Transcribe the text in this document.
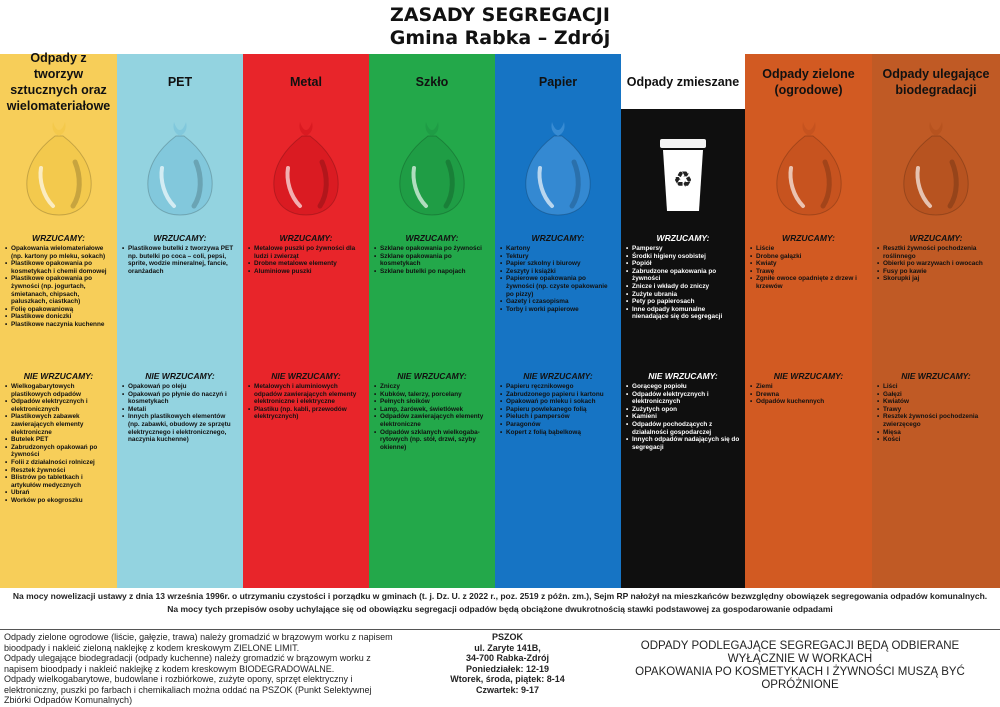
ZASADY SEGREGACJI
Gmina Rabka – Zdrój
Odpady z tworzyw sztucznych oraz wielomateriałowe
WRZUCAMY:
• Opakowania wielomateriałowe (np. kartony po mleku, sokach)
• Plastikowe opakowania po kosmetykach i chemii domowej
• Plastikowe opakowania po żywności (np. jogurtach, śmietanach, chipsach, paluszkach, ciastkach)
• Folię opakowaniową
• Plastikowe doniczki
• Plastikowe naczynia kuchenne
NIE WRZUCAMY:
• Wielkogabarytowych plastikowych odpadów
• Odpadów elektrycznych i elektronicznych
• Plastikowych zabawek zawierających elementy elektroniczne
• Butelek PET
• Zabrudzonych opakowań po żywności
• Folii z działalności rolniczej
• Resztek żywności
• Blistrów po tabletkach i artykułów medycznych
• Ubrań
• Worków po ekogroszku
PET
WRZUCAMY:
• Plastikowe butelki z tworzywa PET np. butelki po coca – coli, pepsi, sprite, wodzie mineralnej, fancie, oranżadach
NIE WRZUCAMY:
• Opakowań po oleju
• Opakowań po płynie do naczyń i kosmetykach
• Metali
• Innych plastikowych elementów (np. zabawki, obudowy ze sprzętu elektrycznego i elektronicznego, naczynia kuchenne)
Metal
WRZUCAMY:
• Metalowe puszki po żywności dla ludzi i zwierząt
• Drobne metalowe elementy
• Aluminiowe puszki
NIE WRZUCAMY:
• Metalowych i aluminiowych odpadów zawierających elementy elektroniczne i elektryczne
• Plastiku (np. kabli, przewodów elektrycznych)
Szkło
WRZUCAMY:
• Szklane opakowania po żywności
• Szklane opakowania po kosmetykach
• Szklane butelki po napojach
NIE WRZUCAMY:
• Zniczy
• Kubków, talerzy, porcelany
• Pełnych słoików
• Lamp, żarówek, świetlówek
• Odpadów zawierających elementy elektroniczne
• Odpadów szklanych wielkogaba-rytowych (np. stół, drzwi, szyby okienne)
Papier
WRZUCAMY:
• Kartony
• Tektury
• Papier szkolny i biurowy
• Zeszyty i książki
• Papierowe opakowania po żywności (np. czyste opakowanie po pizzy)
• Gazety i czasopisma
• Torby i worki papierowe
NIE WRZUCAMY:
• Papieru ręcznikowego
• Zabrudzonego papieru i kartonu
• Opakowań po mleku i sokach
• Papieru powlekanego folią
• Pieluch i pampersów
• Paragonów
• Kopert z folią bąbelkową
Odpady zmieszane
♻
WRZUCAMY:
• Pampersy
• Środki higieny osobistej
• Popiół
• Zabrudzone opakowania po żywności
• Znicze i wkłady do zniczy
• Zużyte ubrania
• Pety po papierosach
• Inne odpady komunalne nienadające się do segregacji
NIE WRZUCAMY:
• Gorącego popiołu
• Odpadów elektrycznych i elektronicznych
• Zużytych opon
• Kamieni
• Odpadów pochodzących z działalności gospodarczej
• Innych odpadów nadających się do segregacji
Odpady zielone (ogrodowe)
WRZUCAMY:
• Liście
• Drobne gałązki
• Kwiaty
• Trawę
• Zgniłe owoce opadnięte z drzew i krzewów
NIE WRZUCAMY:
• Ziemi
• Drewna
• Odpadów kuchennych
Odpady ulegające biodegradacji
WRZUCAMY:
• Resztki żywności pochodzenia roślinnego
• Obierki po warzywach i owocach
• Fusy po kawie
• Skorupki jaj
NIE WRZUCAMY:
• Liści
• Gałęzi
• Kwiatów
• Trawy
• Resztek żywności pochodzenia zwierzęcego
• Mięsa
• Kości
Na mocy nowelizacji ustawy z dnia 13 września 1996r. o utrzymaniu czystości i porządku w gminach (t. j. Dz. U. z 2022 r., poz. 2519 z późn. zm.), Sejm RP nałożył na mieszkańców bezwzględny obowiązek segregowania odpadów komunalnych. Na mocy tych przepisów osoby uchylające się od obowiązku segregacji odpadów będą obciążone dwukrotnością stawki podstawowej za gospodarowanie odpadami
Odpady zielone ogrodowe (liście, gałęzie, trawa) należy gromadzić w brązowym worku z napisem bioodpady i nakleić zieloną naklejkę z kodem kreskowym ZIELONE LIMIT.
Odpady ulegające biodegradacji (odpady kuchenne) należy gromadzić w brązowym worku z napisem bioodpady i nakleić naklejkę z kodem kreskowym BIODEGRADOWALNE.
Odpady wielkogabarytowe, budowlane i rozbiórkowe, zużyte opony, sprzęt elektryczny i elektroniczny, puszki po farbach i chemikaliach można oddać na PSZOK (Punkt Selektywnej Zbiórki Odpadów Komunalnych)
PSZOK
ul. Zaryte 141B,
34-700 Rabka-Zdrój
Poniedziałek: 12-19
Wtorek, środa, piątek: 8-14
Czwartek: 9-17
ODPADY PODLEGAJĄCE SEGREGACJI BĘDĄ ODBIERANE
WYŁĄCZNIE W WORKACH
OPAKOWANIA PO KOSMETYKACH I ŻYWNOŚCI MUSZĄ BYĆ
OPRÓŻNIONE
